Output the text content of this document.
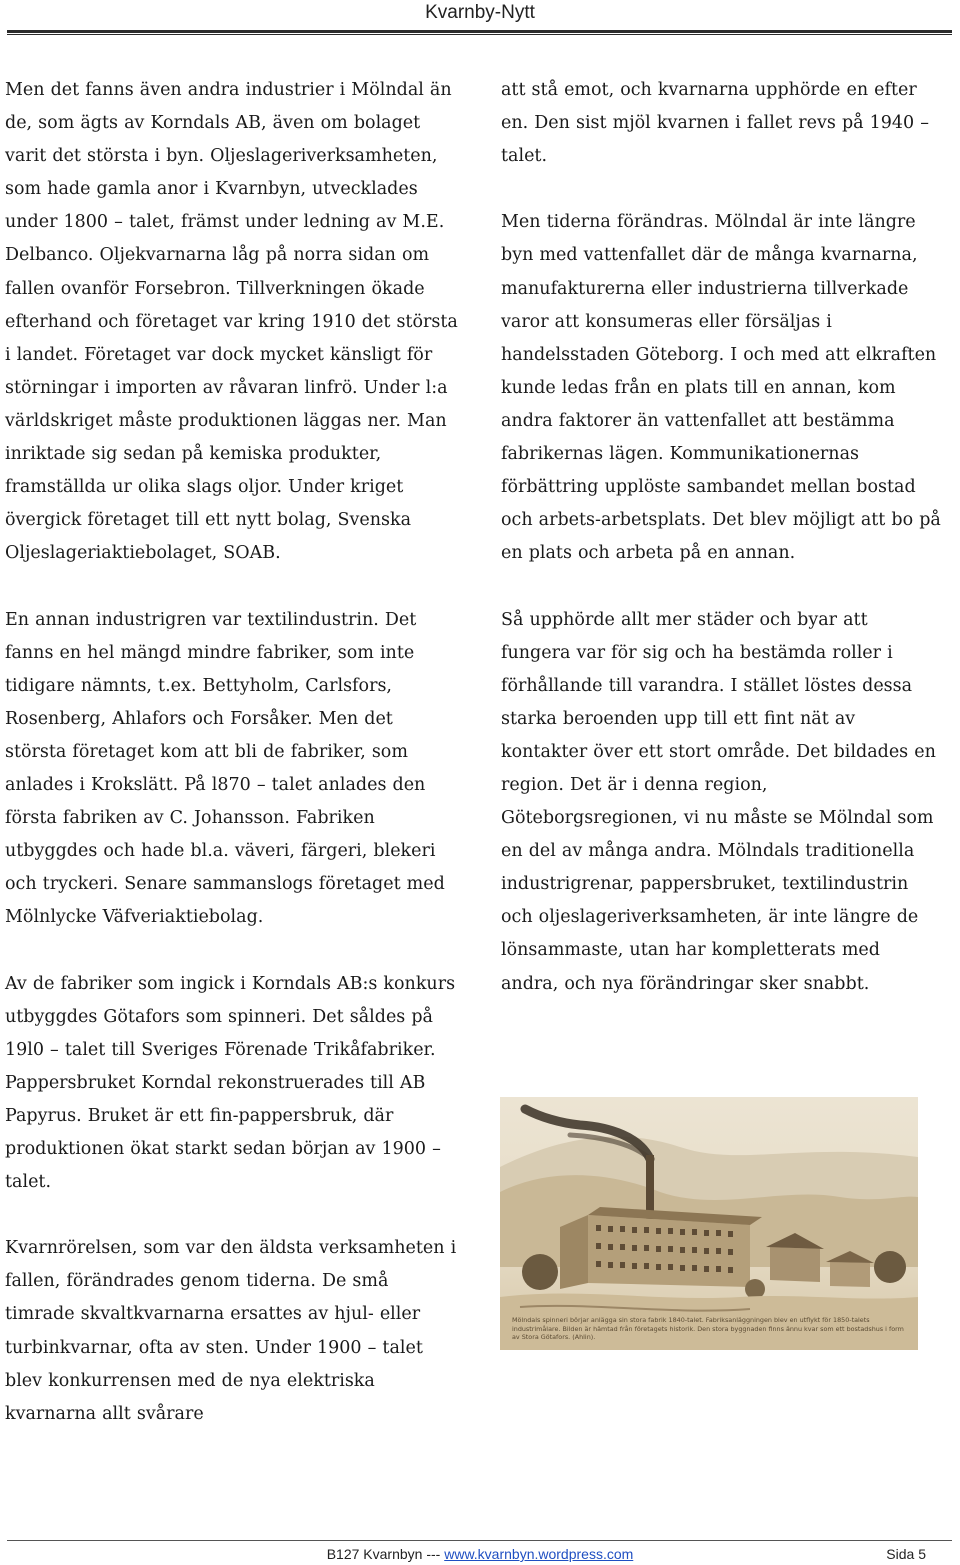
Kvarnby-Nytt

Men det fanns även andra industrier i Mölndal än de, som ägts av Korndals AB, även om bolaget varit det största i byn. Oljeslageriverksamheten, som hade gamla anor i Kvarnbyn, utvecklades under 1800 – talet, främst under ledning av M.E. Delbanco. Oljekvarnarna låg på norra sidan om fallen ovanför Forsebron. Tillverkningen ökade efterhand och företaget var kring 1910 det största i landet. Företaget var dock mycket känsligt för störningar i importen av råvaran linfrö. Under l:a världskriget måste produktionen läggas ner. Man inriktade sig sedan på kemiska produkter, framställda ur olika slags oljor. Under kriget övergick företaget till ett nytt bolag, Svenska Oljeslageriaktiebolaget, SOAB.

En annan industrigren var textilindustrin. Det fanns en hel mängd mindre fabriker, som inte tidigare nämnts, t.ex. Bettyholm, Carlsfors, Rosenberg, Ahlafors och Forsåker. Men det största företaget kom att bli de fabriker, som anlades i Krokslätt. På l870 – talet anlades den första fabriken av C. Johansson. Fabriken utbyggdes och hade bl.a. väveri, färgeri, blekeri och tryckeri. Senare sammanslogs företaget med Mölnlycke Väfveriaktiebolag.

Av de fabriker som ingick i Korndals AB:s konkurs utbyggdes Götafors som spinneri. Det såldes på 19l0 – talet till Sveriges Förenade Trikåfabriker. Pappersbruket Korndal rekonstruerades till AB Papyrus. Bruket är ett fin-pappersbruk, där produktionen ökat starkt sedan början av 1900 – talet.

Kvarnrörelsen, som var den äldsta verksamheten i fallen, förändrades genom tiderna. De små timrade skvaltkvarnarna ersattes av hjul- eller turbinkvarnar, ofta av sten. Under 1900 – talet blev konkurrensen med de nya elektriska kvarnarna allt svårare

att stå emot, och kvarnarna upphörde en efter en. Den sist mjöl kvarnen i fallet revs på 1940 – talet.

Men tiderna förändras. Mölndal är inte längre byn med vattenfallet där de många kvarnarna, manufakturerna eller industrierna tillverkade varor att konsumeras eller försäljas i handelsstaden Göteborg. I och med att elkraften kunde ledas från en plats till en annan, kom andra faktorer än vattenfallet att bestämma fabrikernas lägen. Kommunikationernas förbättring upplöste sambandet mellan bostad och arbets-arbetsplats. Det blev möjligt att bo på en plats och arbeta på en annan.

Så upphörde allt mer städer och byar att fungera var för sig och ha bestämda roller i förhållande till varandra. I stället löstes dessa starka beroenden upp till ett fint nät av kontakter över ett stort område. Det bildades en region. Det är i denna region, Göteborgsregionen, vi nu måste se Mölndal som en del av många andra. Mölndals traditionella industrigrenar, pappersbruket, textilindustrin och oljeslageriverksamheten, är inte längre de lönsammaste, utan har kompletterats med andra, och nya förändringar sker snabbt.

Mölndals spinneri börjar anlägga sin stora fabrik 1840-talet. Fabriksanläggningen blev en utflykt för 1850-talets industrimålare. Bilden är hämtad från företagets historik. Den stora byggnaden finns ännu kvar som ett bostadshus i form av Stora Götafors. (Ahlin).
B127 Kvarnbyn --- www.kvarnbyn.wordpress.com	Sida 5
